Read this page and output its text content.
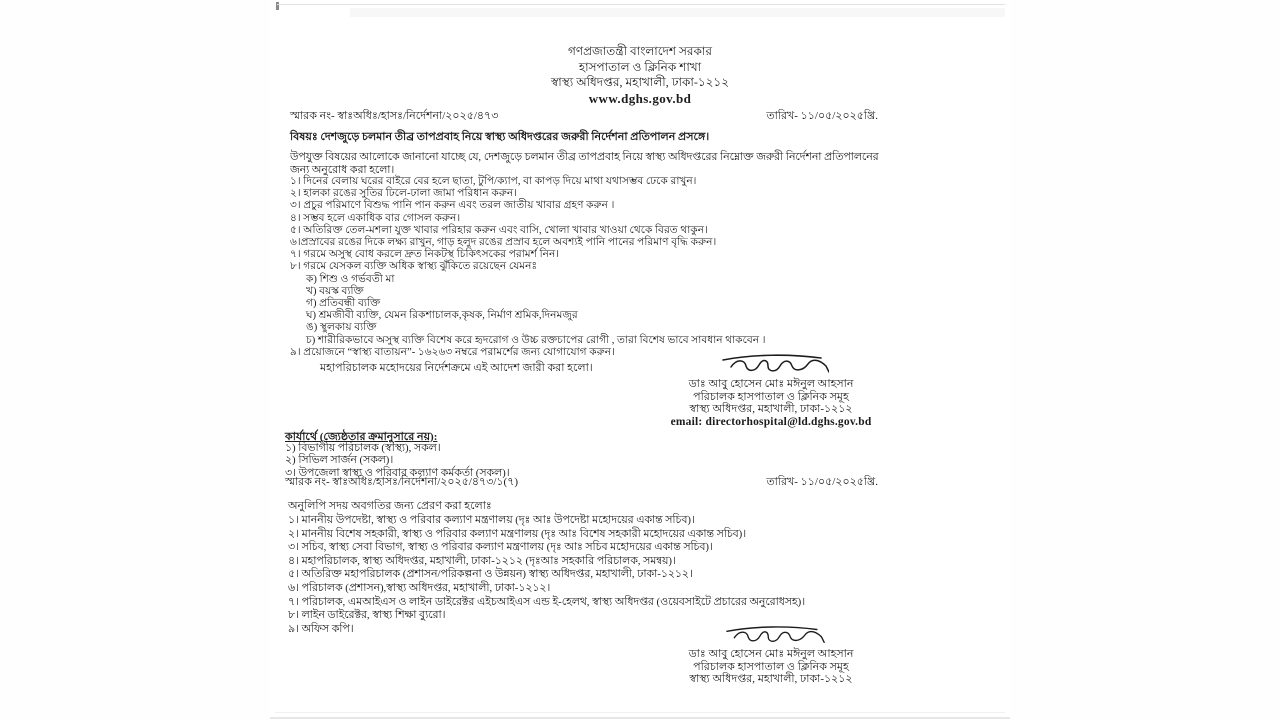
গণপ্রজাতন্ত্রী বাংলাদেশ সরকার
হাসপাতাল ও ক্লিনিক শাখা
স্বাস্থ্য অধিদপ্তর, মহাখালী, ঢাকা-১২১২
www.dghs.gov.bd
স্মারক নং- স্বাঃঅধিঃ/হাসঃ/নির্দেশনা/২০২৫/৪৭৩	তারিখ- ১১/০৫/২০২৫খ্রি.
বিষয়ঃ দেশজুড়ে চলমান তীব্র তাপপ্রবাহ নিয়ে স্বাস্থ্য অধিদপ্তরের জরুরী নির্দেশনা প্রতিপালন প্রসঙ্গে।
উপযুক্ত বিষয়ের আলোকে জানানো যাচ্ছে যে, দেশজুড়ে চলমান তীব্র তাপপ্রবাহ নিয়ে স্বাস্থ্য অধিদপ্তরের নিম্নোক্ত জরুরী নির্দেশনা প্রতিপালনের
জন্য অনুরোধ করা হলো।
১। দিনের বেলায় ঘরের বাইরে বের হলে ছাতা, টুপি/ক্যাপ, বা কাপড় দিয়ে মাথা যথাসম্ভব ঢেকে রাখুন।
২। হালকা রঙের সুতির ঢিলে-ঢালা জামা পরিধান করুন।
৩। প্রচুর পরিমাণে বিশুদ্ধ পানি পান করুন এবং তরল জাতীয় খাবার গ্রহণ করুন ।
৪। সম্ভব হলে একাধিক বার গোসল করুন।
৫। অতিরিক্ত তেল-মশলা যুক্ত খাবার পরিহার করুন এবং বাসি, খোলা খাবার খাওয়া থেকে বিরত থাকুন।
৬।প্রস্রাবের রঙের দিকে লক্ষ্য রাখুন, গাড় হলুদ রঙের প্রস্রাব হলে অবশ্যই পানি পানের পরিমাণ বৃদ্ধি করুন।
৭। গরমে অসুস্থ বোধ করলে দ্রুত নিকটস্থ চিকিৎসকের পরামর্শ নিন।
৮। গরমে যেসকল ব্যক্তি অধিক স্বাস্থ্য ঝুঁকিতে রয়েছেন যেমনঃ
ক) শিশু ও গর্ভবতী মা
খ) বয়স্ক ব্যক্তি
গ) প্রতিবন্ধী ব্যক্তি
ঘ) শ্রমজীবী ব্যক্তি, যেমন রিকশাচালক,কৃষক, নির্মাণ শ্রমিক,দিনমজুর
ঙ) স্থুলকায় ব্যক্তি
চ) শারীরিকভাবে অসুস্থ ব্যক্তি বিশেষ করে হৃদরোগ ও উচ্চ রক্তচাপের রোগী , তারা বিশেষ ভাবে সাবধান থাকবেন ।
৯। প্রয়োজনে “স্বাস্থ্য বাতায়ন”- ১৬২৬৩ নম্বরে পরামর্শের জন্য যোগাযোগ করুন।
মহাপরিচালক মহোদয়ের নির্দেশক্রমে এই আদেশ জারী করা হলো।
ডাঃ আবু হোসেন মোঃ মঈনুল আহসান
পরিচালক হাসপাতাল ও ক্লিনিক সমূহ
স্বাস্থ্য অধিদপ্তর, মহাখালী, ঢাকা-১২১২
email: directorhospital@ld.dghs.gov.bd
কার্যার্থে (জ্যেষ্ঠতার ক্রমানুসারে নয়):
১) বিভাগীয় পরিচালক (স্বাস্থ্য), সকল।
২) সিভিল সার্জন (সকল)।
৩। উপজেলা স্বাস্থ্য ও পরিবার কল্যাণ কর্মকর্তা (সকল)।
স্মারক নং- স্বাঃঅধিঃ/হাসঃ/নির্দেশনা/২০২৫/৪৭৩/১(৭)	তারিখ- ১১/০৫/২০২৫খ্রি.
অনুলিপি সদয় অবগতির জন্য প্রেরণ করা হলোঃ
১। মাননীয় উপদেষ্টা, স্বাস্থ্য ও পরিবার কল্যাণ মন্ত্রণালয় (দৃঃ আঃ উপদেষ্টা মহোদয়ের একান্ত সচিব)।
২। মাননীয় বিশেষ সহকারী, স্বাস্থ্য ও পরিবার কল্যাণ মন্ত্রণালয় (দৃঃ আঃ বিশেষ সহকারী মহোদয়ের একান্ত সচিব)।
৩। সচিব, স্বাস্থ্য সেবা বিভাগ, স্বাস্থ্য ও পরিবার কল্যাণ মন্ত্রণালয় (দৃঃ আঃ সচিব মহোদয়ের একান্ত সচিব)।
৪। মহাপরিচালক, স্বাস্থ্য অধিদপ্তর, মহাখালী, ঢাকা-১২১২ (দৃঃআঃ সহকারি পরিচালক, সমন্বয়)।
৫। অতিরিক্ত মহাপরিচালক (প্রশাসন/পরিকল্পনা ও উন্নয়ন) স্বাস্থ্য অধিদপ্তর, মহাখালী, ঢাকা-১২১২।
৬। পরিচালক (প্রশাসন),স্বাস্থ্য অধিদপ্তর, মহাখালী, ঢাকা-১২১২।
৭। পরিচালক, এমআইএস ও লাইন ডাইরেক্টর এইচআইএস এন্ড ই-হেলথ, স্বাস্থ্য অধিদপ্তর (ওয়েবসাইটে প্রচারের অনুরোধসহ)।
৮। লাইন ডাইরেক্টর, স্বাস্থ্য শিক্ষা ব্যুরো।
৯। অফিস কপি।
ডাঃ আবু হোসেন মোঃ মঈনুল আহসান
পরিচালক হাসপাতাল ও ক্লিনিক সমূহ
স্বাস্থ্য অধিদপ্তর, মহাখালী, ঢাকা-১২১২
